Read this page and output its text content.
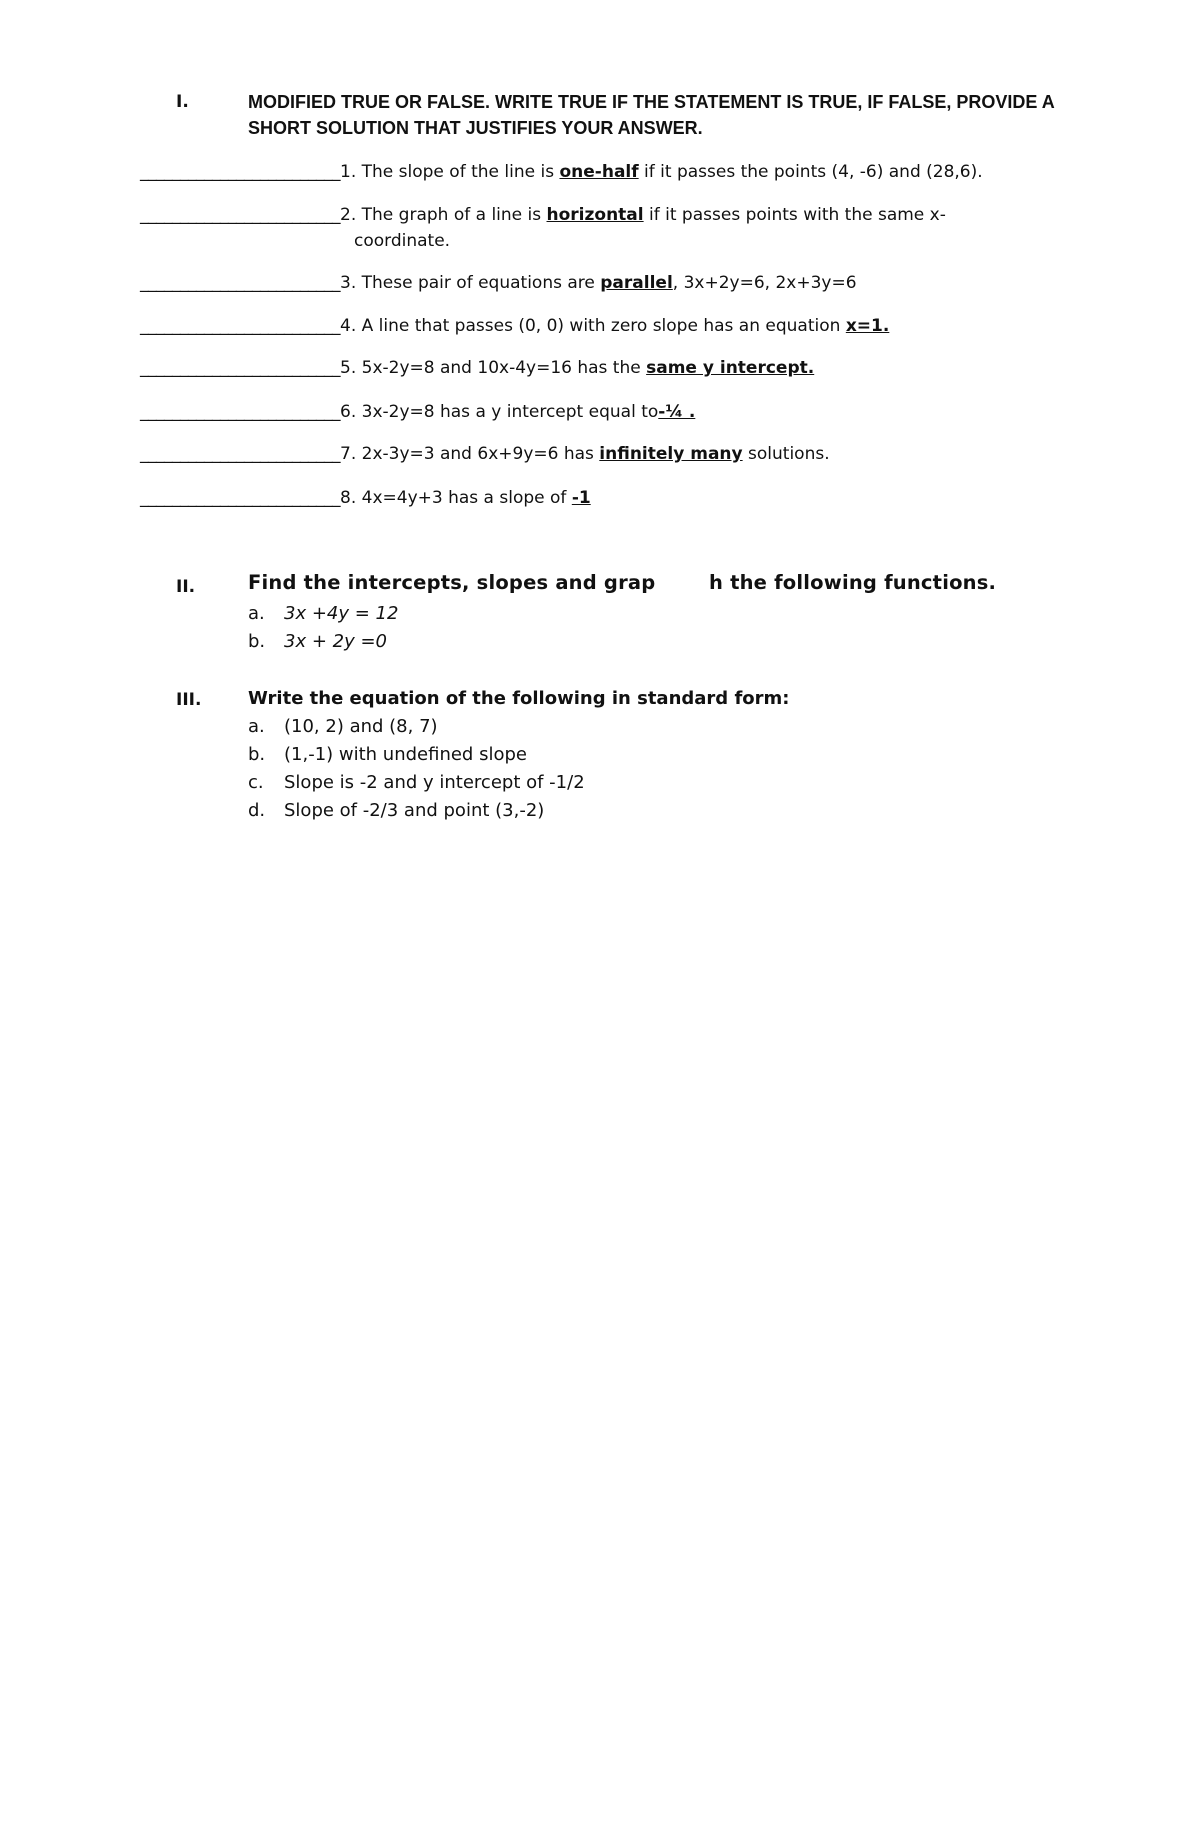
I.	MODIFIED TRUE OR FALSE. WRITE TRUE IF THE STATEMENT IS TRUE, IF FALSE, PROVIDE A
SHORT SOLUTION THAT JUSTIFIES YOUR ANSWER.
_________________________1. The slope of the line is one-half if it passes the points (4, -6) and (28,6).
_________________________2. The graph of a line is horizontal if it passes points with the same x-
coordinate.
_________________________3. These pair of equations are parallel, 3x+2y=6, 2x+3y=6
_________________________4. A line that passes (0, 0) with zero slope has an equation x=1.
_________________________5. 5x-2y=8 and 10x-4y=16 has the same y intercept.
_________________________6. 3x-2y=8 has a y intercept equal to-¼ .
_________________________7. 2x-3y=3 and 6x+9y=6 has infinitely many solutions.
_________________________8. 4x=4y+3 has a slope of -1
II.	Find the intercepts, slopes and grap	h the following functions.
a. 3x +4y = 12
b. 3x + 2y =0
III.	Write the equation of the following in standard form:
a. (10, 2) and (8, 7)
b. (1,-1) with undefined slope
c. Slope is -2 and y intercept of -1/2
d. Slope of -2/3 and point (3,-2)
